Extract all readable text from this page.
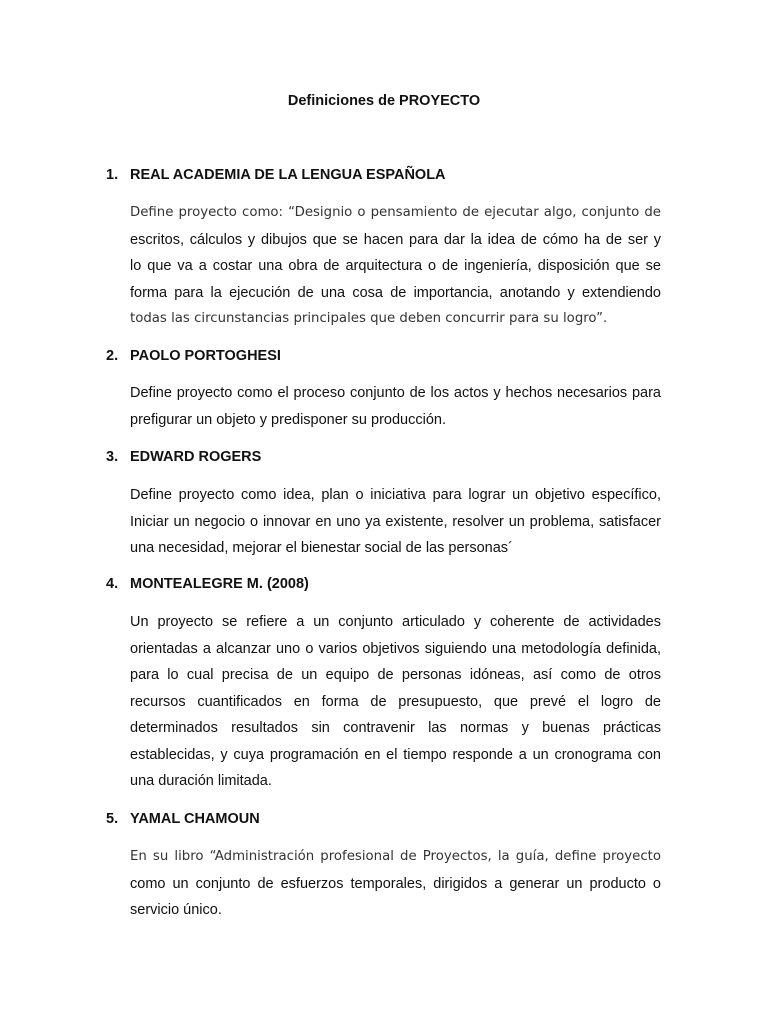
Definiciones de PROYECTO
1. REAL ACADEMIA DE LA LENGUA ESPAÑOLA
Define proyecto como: “Designio o pensamiento de ejecutar algo, conjunto de
escritos, cálculos y dibujos que se hacen para dar la idea de cómo ha de ser y
lo que va a costar una obra de arquitectura o de ingeniería, disposición que se
forma para la ejecución de una cosa de importancia, anotando y extendiendo
todas las circunstancias principales que deben concurrir para su logro”.
2. PAOLO PORTOGHESI
Define proyecto como el proceso conjunto de los actos y hechos necesarios para
prefigurar un objeto y predisponer su producción.
3. EDWARD ROGERS
Define proyecto como idea, plan o iniciativa para lograr un objetivo específico,
Iniciar un negocio o innovar en uno ya existente, resolver un problema, satisfacer
una necesidad, mejorar el bienestar social de las personas´
4. MONTEALEGRE M. (2008)
Un proyecto se refiere a un conjunto articulado y coherente de actividades
orientadas a alcanzar uno o varios objetivos siguiendo una metodología definida,
para lo cual precisa de un equipo de personas idóneas, así como de otros
recursos cuantificados en forma de presupuesto, que prevé el logro de
determinados resultados sin contravenir las normas y buenas prácticas
establecidas, y cuya programación en el tiempo responde a un cronograma con
una duración limitada.
5. YAMAL CHAMOUN
En su libro “Administración profesional de Proyectos, la guía, define proyecto
como un conjunto de esfuerzos temporales, dirigidos a generar un producto o
servicio único.
